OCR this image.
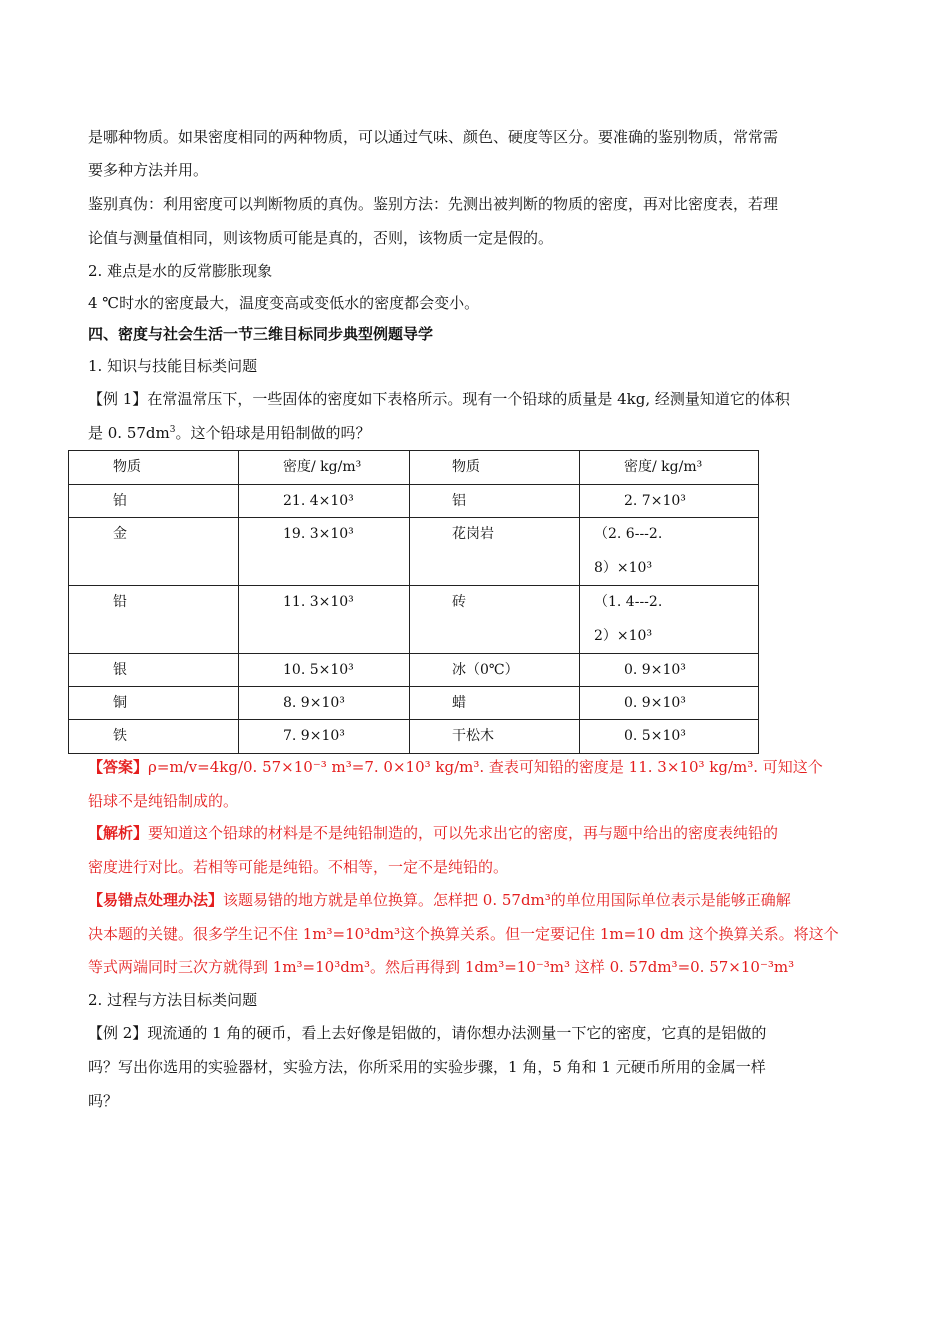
是哪种物质。如果密度相同的两种物质，可以通过气味、颜色、硬度等区分。要准确的鉴别物质，常常需
要多种方法并用。
鉴别真伪：利用密度可以判断物质的真伪。鉴别方法：先测出被判断的物质的密度，再对比密度表，若理
论值与测量值相同，则该物质可能是真的，否则，该物质一定是假的。
2. 难点是水的反常膨胀现象
4 ℃时水的密度最大，温度变高或变低水的密度都会变小。
四、密度与社会生活一节三维目标同步典型例题导学
1. 知识与技能目标类问题
【例 1】在常温常压下，一些固体的密度如下表格所示。现有一个铅球的质量是 4kg, 经测量知道它的体积
是 0. $57dm^3$。这个铅球是用铅制做的吗？
物质	密度/ kg/m³	物质	密度/ kg/m³

铂	21. 4×10³	铝	2. 7×10³

金	19. 3×10³	花岗岩	（2. 6---2.
8）×10³

铅	11. 3×10³	砖	（1. 4---2.
2）×10³

银	10. 5×10³	冰（0℃）	0. 9×10³

铜	8. 9×10³	蜡	0. 9×10³

铁	7. 9×10³	干松木	0. 5×10³
【答案】ρ=m/v=4kg/0. 57×10⁻³ m³=7. 0×10³ kg/m³. 查表可知铅的密度是 11. 3×10³ kg/m³. 可知这个
铅球不是纯铅制成的。
【解析】要知道这个铅球的材料是不是纯铅制造的，可以先求出它的密度，再与题中给出的密度表纯铅的
密度进行对比。若相等可能是纯铅。不相等，一定不是纯铅的。
【易错点处理办法】该题易错的地方就是单位换算。怎样把 0. 57dm³的单位用国际单位表示是能够正确解
决本题的关键。很多学生记不住 1m³=10³dm³这个换算关系。但一定要记住 1m=10 dm 这个换算关系。将这个
等式两端同时三次方就得到 1m³=10³dm³。然后再得到 1dm³=10⁻³m³ 这样 0. 57dm³=0. 57×10⁻³m³
2. 过程与方法目标类问题
【例 2】现流通的 1 角的硬币，看上去好像是铝做的，请你想办法测量一下它的密度，它真的是铝做的
吗？写出你选用的实验器材，实验方法，你所采用的实验步骤，1 角，5 角和 1 元硬币所用的金属一样
吗？
